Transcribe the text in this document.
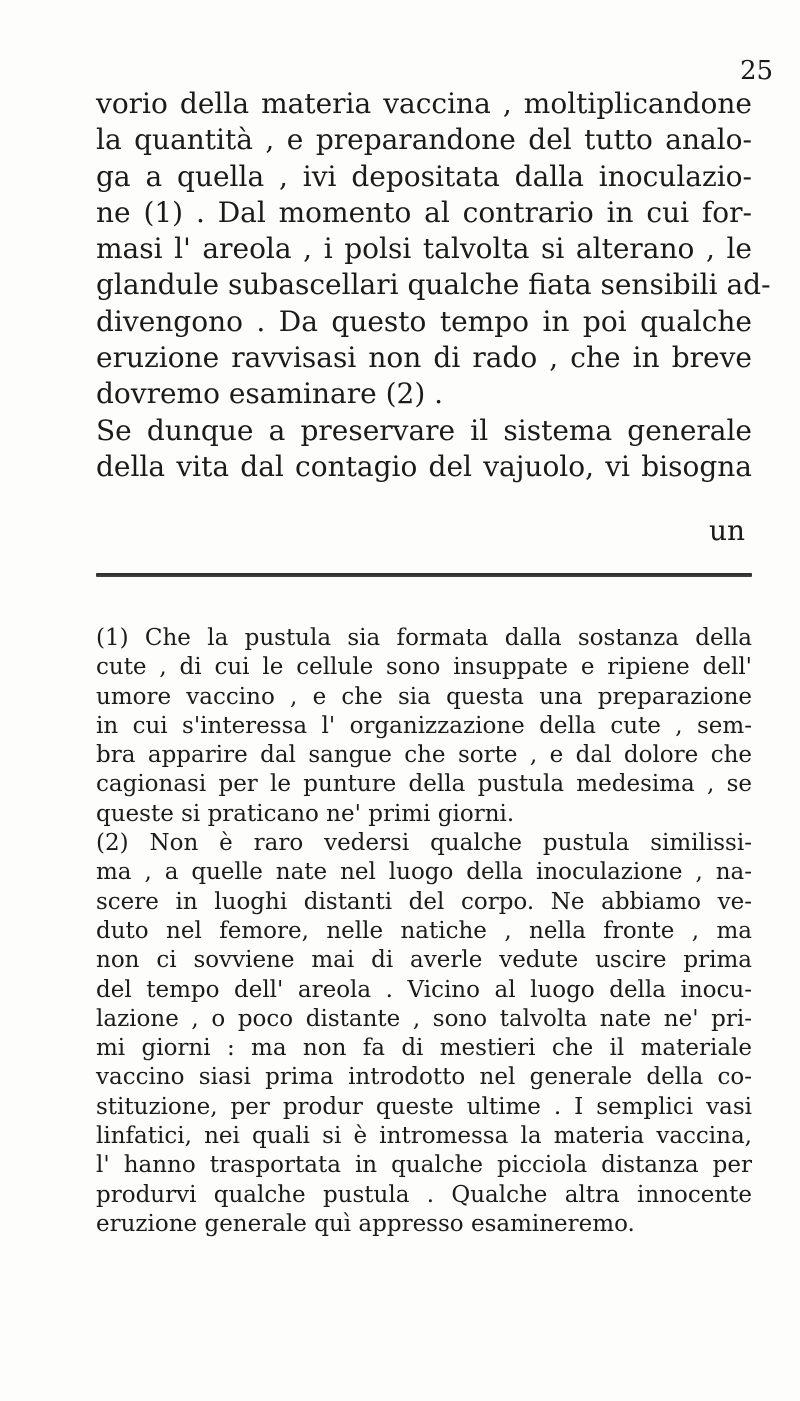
25
vorio della materia vaccina , moltiplicandone
la quantità , e preparandone del tutto analo-
ga a quella , ivi depositata dalla inoculazio-
ne (1) . Dal momento al contrario in cui for-
masi l' areola , i polsi talvolta si alterano , le
glandule subascellari qualche fiata sensibili ad-
divengono . Da questo tempo in poi qualche
eruzione ravvisasi non di rado , che in breve
dovremo esaminare (2) .
Se dunque a preservare il sistema generale
della vita dal contagio del vajuolo, vi bisogna
un
(1) Che la pustula sia formata dalla sostanza della
cute , di cui le cellule sono insuppate e ripiene dell'
umore vaccino , e che sia questa una preparazione
in cui s'interessa l' organizzazione della cute , sem-
bra apparire dal sangue che sorte , e dal dolore che
cagionasi per le punture della pustula medesima , se
queste si praticano ne' primi giorni.
(2) Non è raro vedersi qualche pustula similissi-
ma , a quelle nate nel luogo della inoculazione , na-
scere in luoghi distanti del corpo. Ne abbiamo ve-
duto nel femore, nelle natiche , nella fronte , ma
non ci sovviene mai di averle vedute uscire prima
del tempo dell' areola . Vicino al luogo della inocu-
lazione , o poco distante , sono talvolta nate ne' pri-
mi giorni : ma non fa di mestieri che il materiale
vaccino siasi prima introdotto nel generale della co-
stituzione, per produr queste ultime . I semplici vasi
linfatici, nei quali si è intromessa la materia vaccina,
l' hanno trasportata in qualche picciola distanza per
produrvi qualche pustula . Qualche altra innocente
eruzione generale quì appresso esamineremo.
